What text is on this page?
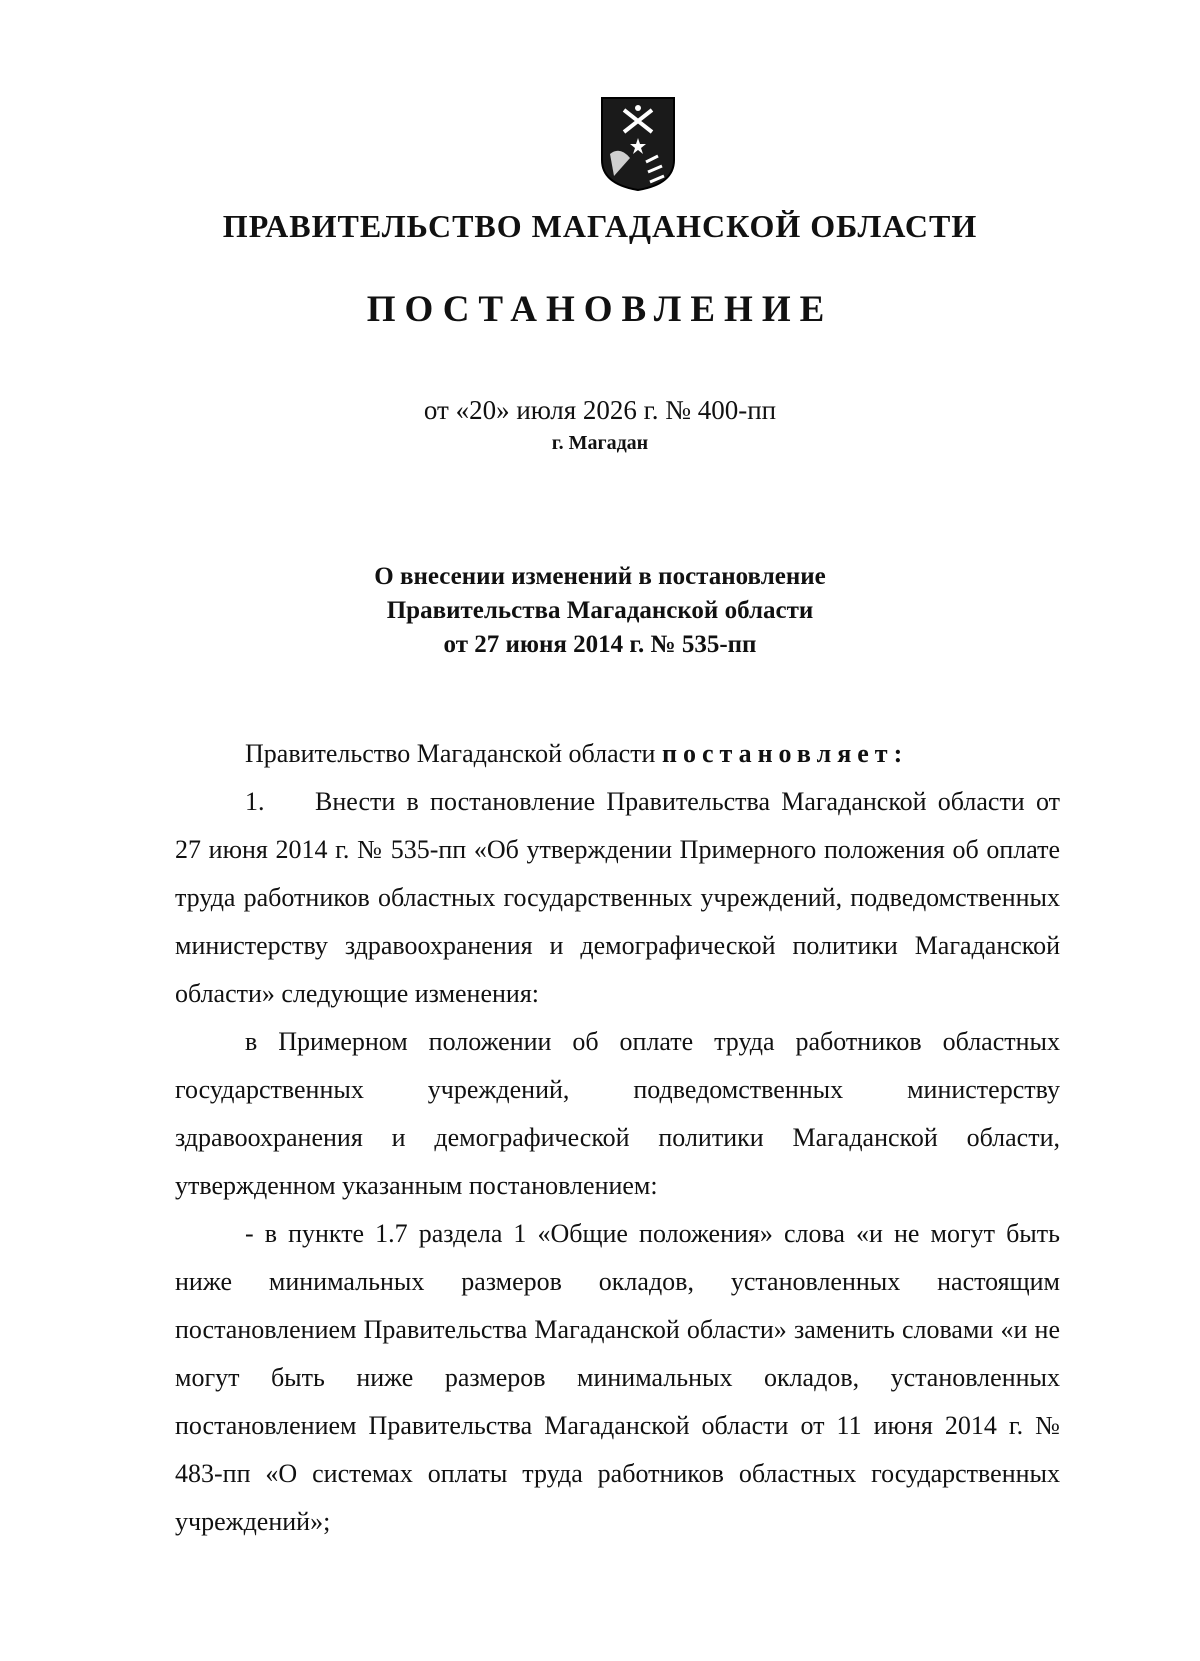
ПРАВИТЕЛЬСТВО МАГАДАНСКОЙ ОБЛАСТИ
ПОСТАНОВЛЕНИЕ
от «20» июля 2026 г. № 400-пп
г. Магадан
О внесении изменений в постановление
Правительства Магаданской области
от 27 июня 2014 г. № 535-пп

Правительство Магаданской области постановляет:

1. Внести в постановление Правительства Магаданской области от 27 июня 2014 г. № 535-пп «Об утверждении Примерного положения об оплате труда работников областных государственных учреждений, подведомственных министерству здравоохранения и демографической политики Магаданской области» следующие изменения:

в Примерном положении об оплате труда работников областных государственных учреждений, подведомственных министерству здравоохранения и демографической политики Магаданской области, утвержденном указанным постановлением:

- в пункте 1.7 раздела 1 «Общие положения» слова «и не могут быть ниже минимальных размеров окладов, установленных настоящим постановлением Правительства Магаданской области» заменить словами «и не могут быть ниже размеров минимальных окладов, установленных постановлением Правительства Магаданской области от 11 июня 2014 г. № 483-пп «О системах оплаты труда работников областных государственных учреждений»;
